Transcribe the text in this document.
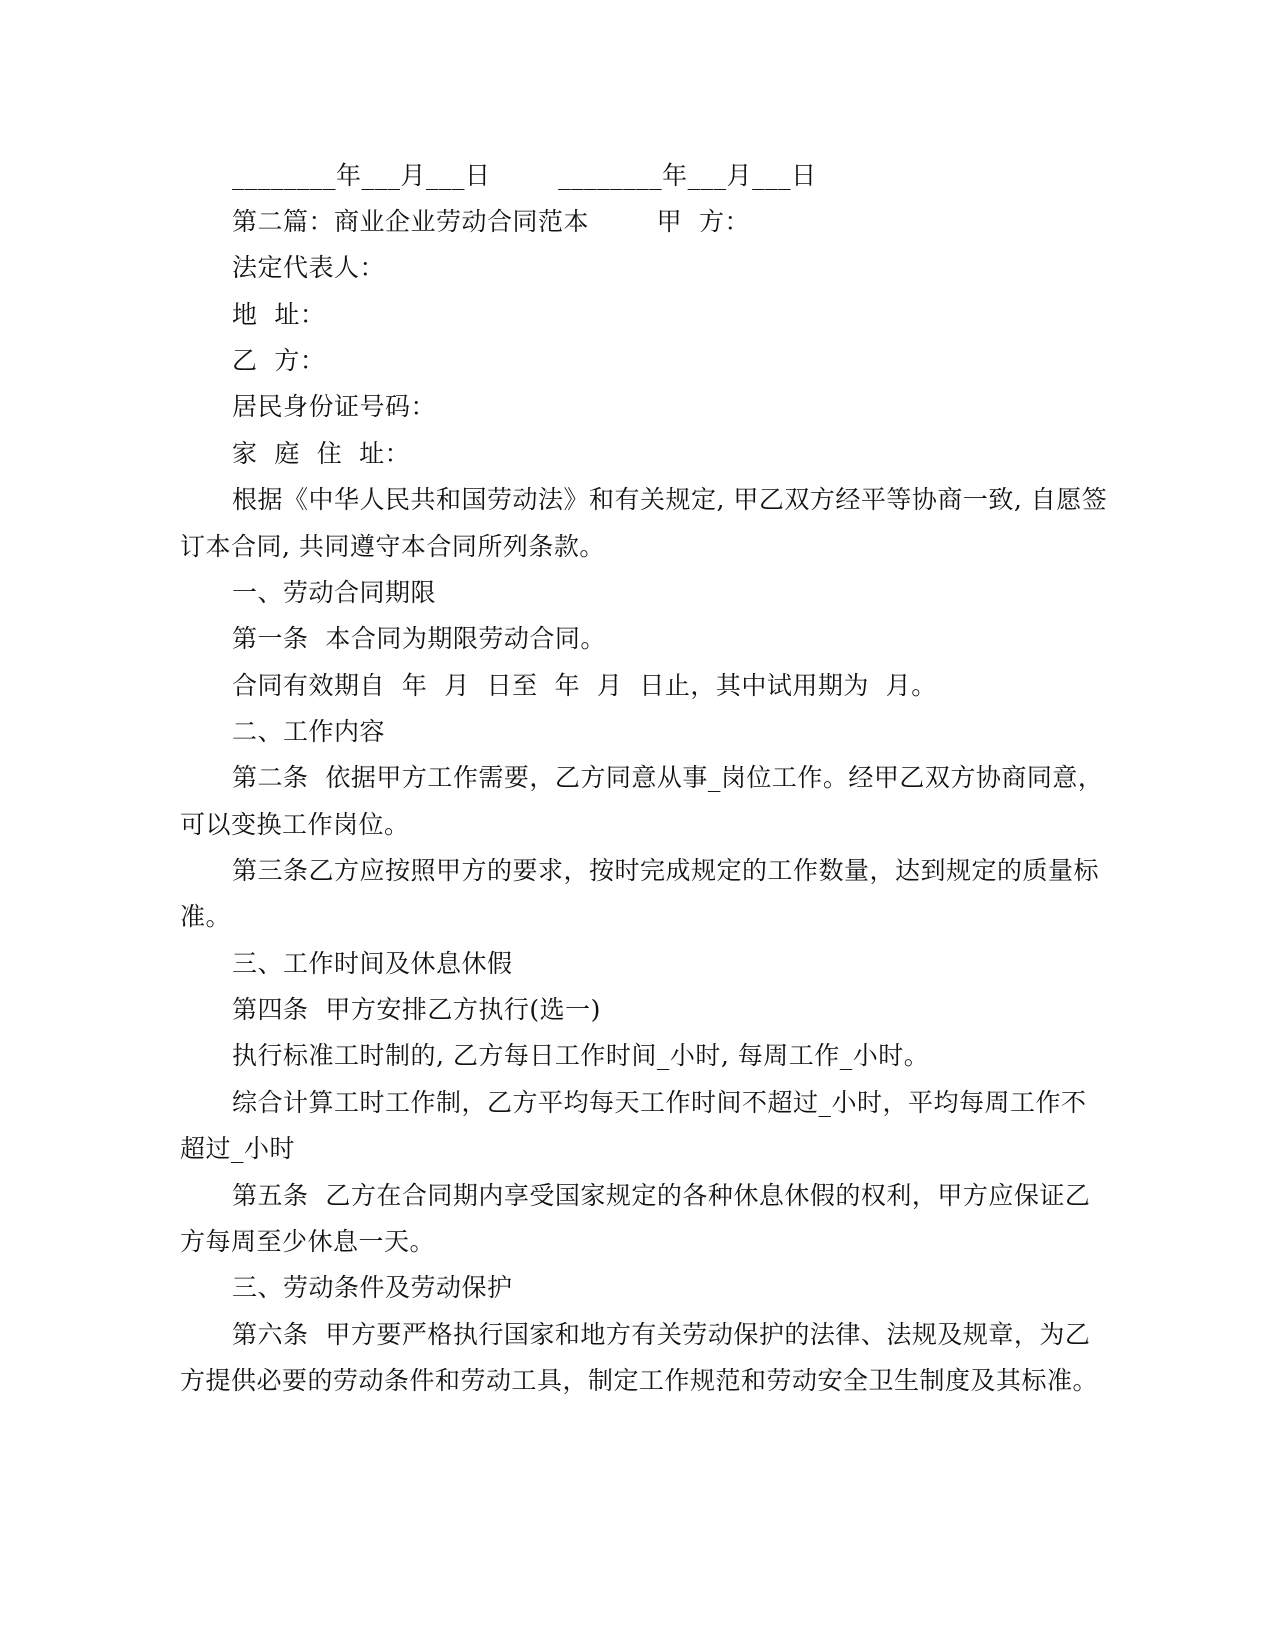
________年___月___日        ________年___月___日
第二篇：商业企业劳动合同范本        甲  方：
法定代表人：
地  址：
乙  方：
居民身份证号码：
家  庭  住  址：
根据《中华人民共和国劳动法》和有关规定, 甲乙双方经平等协商一致, 自愿签
订本合同, 共同遵守本合同所列条款。
一、劳动合同期限
第一条  本合同为期限劳动合同。
合同有效期自  年  月  日至  年  月  日止，其中试用期为  月。
二、工作内容
第二条  依据甲方工作需要，乙方同意从事_岗位工作。经甲乙双方协商同意，
可以变换工作岗位。
第三条乙方应按照甲方的要求，按时完成规定的工作数量，达到规定的质量标
准。
三、工作时间及休息休假
第四条  甲方安排乙方执行(选一)
执行标准工时制的, 乙方每日工作时间_小时, 每周工作_小时。
综合计算工时工作制，乙方平均每天工作时间不超过_小时，平均每周工作不
超过_小时
第五条  乙方在合同期内享受国家规定的各种休息休假的权利，甲方应保证乙
方每周至少休息一天。
三、劳动条件及劳动保护
第六条  甲方要严格执行国家和地方有关劳动保护的法律、法规及规章，为乙
方提供必要的劳动条件和劳动工具，制定工作规范和劳动安全卫生制度及其标准。
